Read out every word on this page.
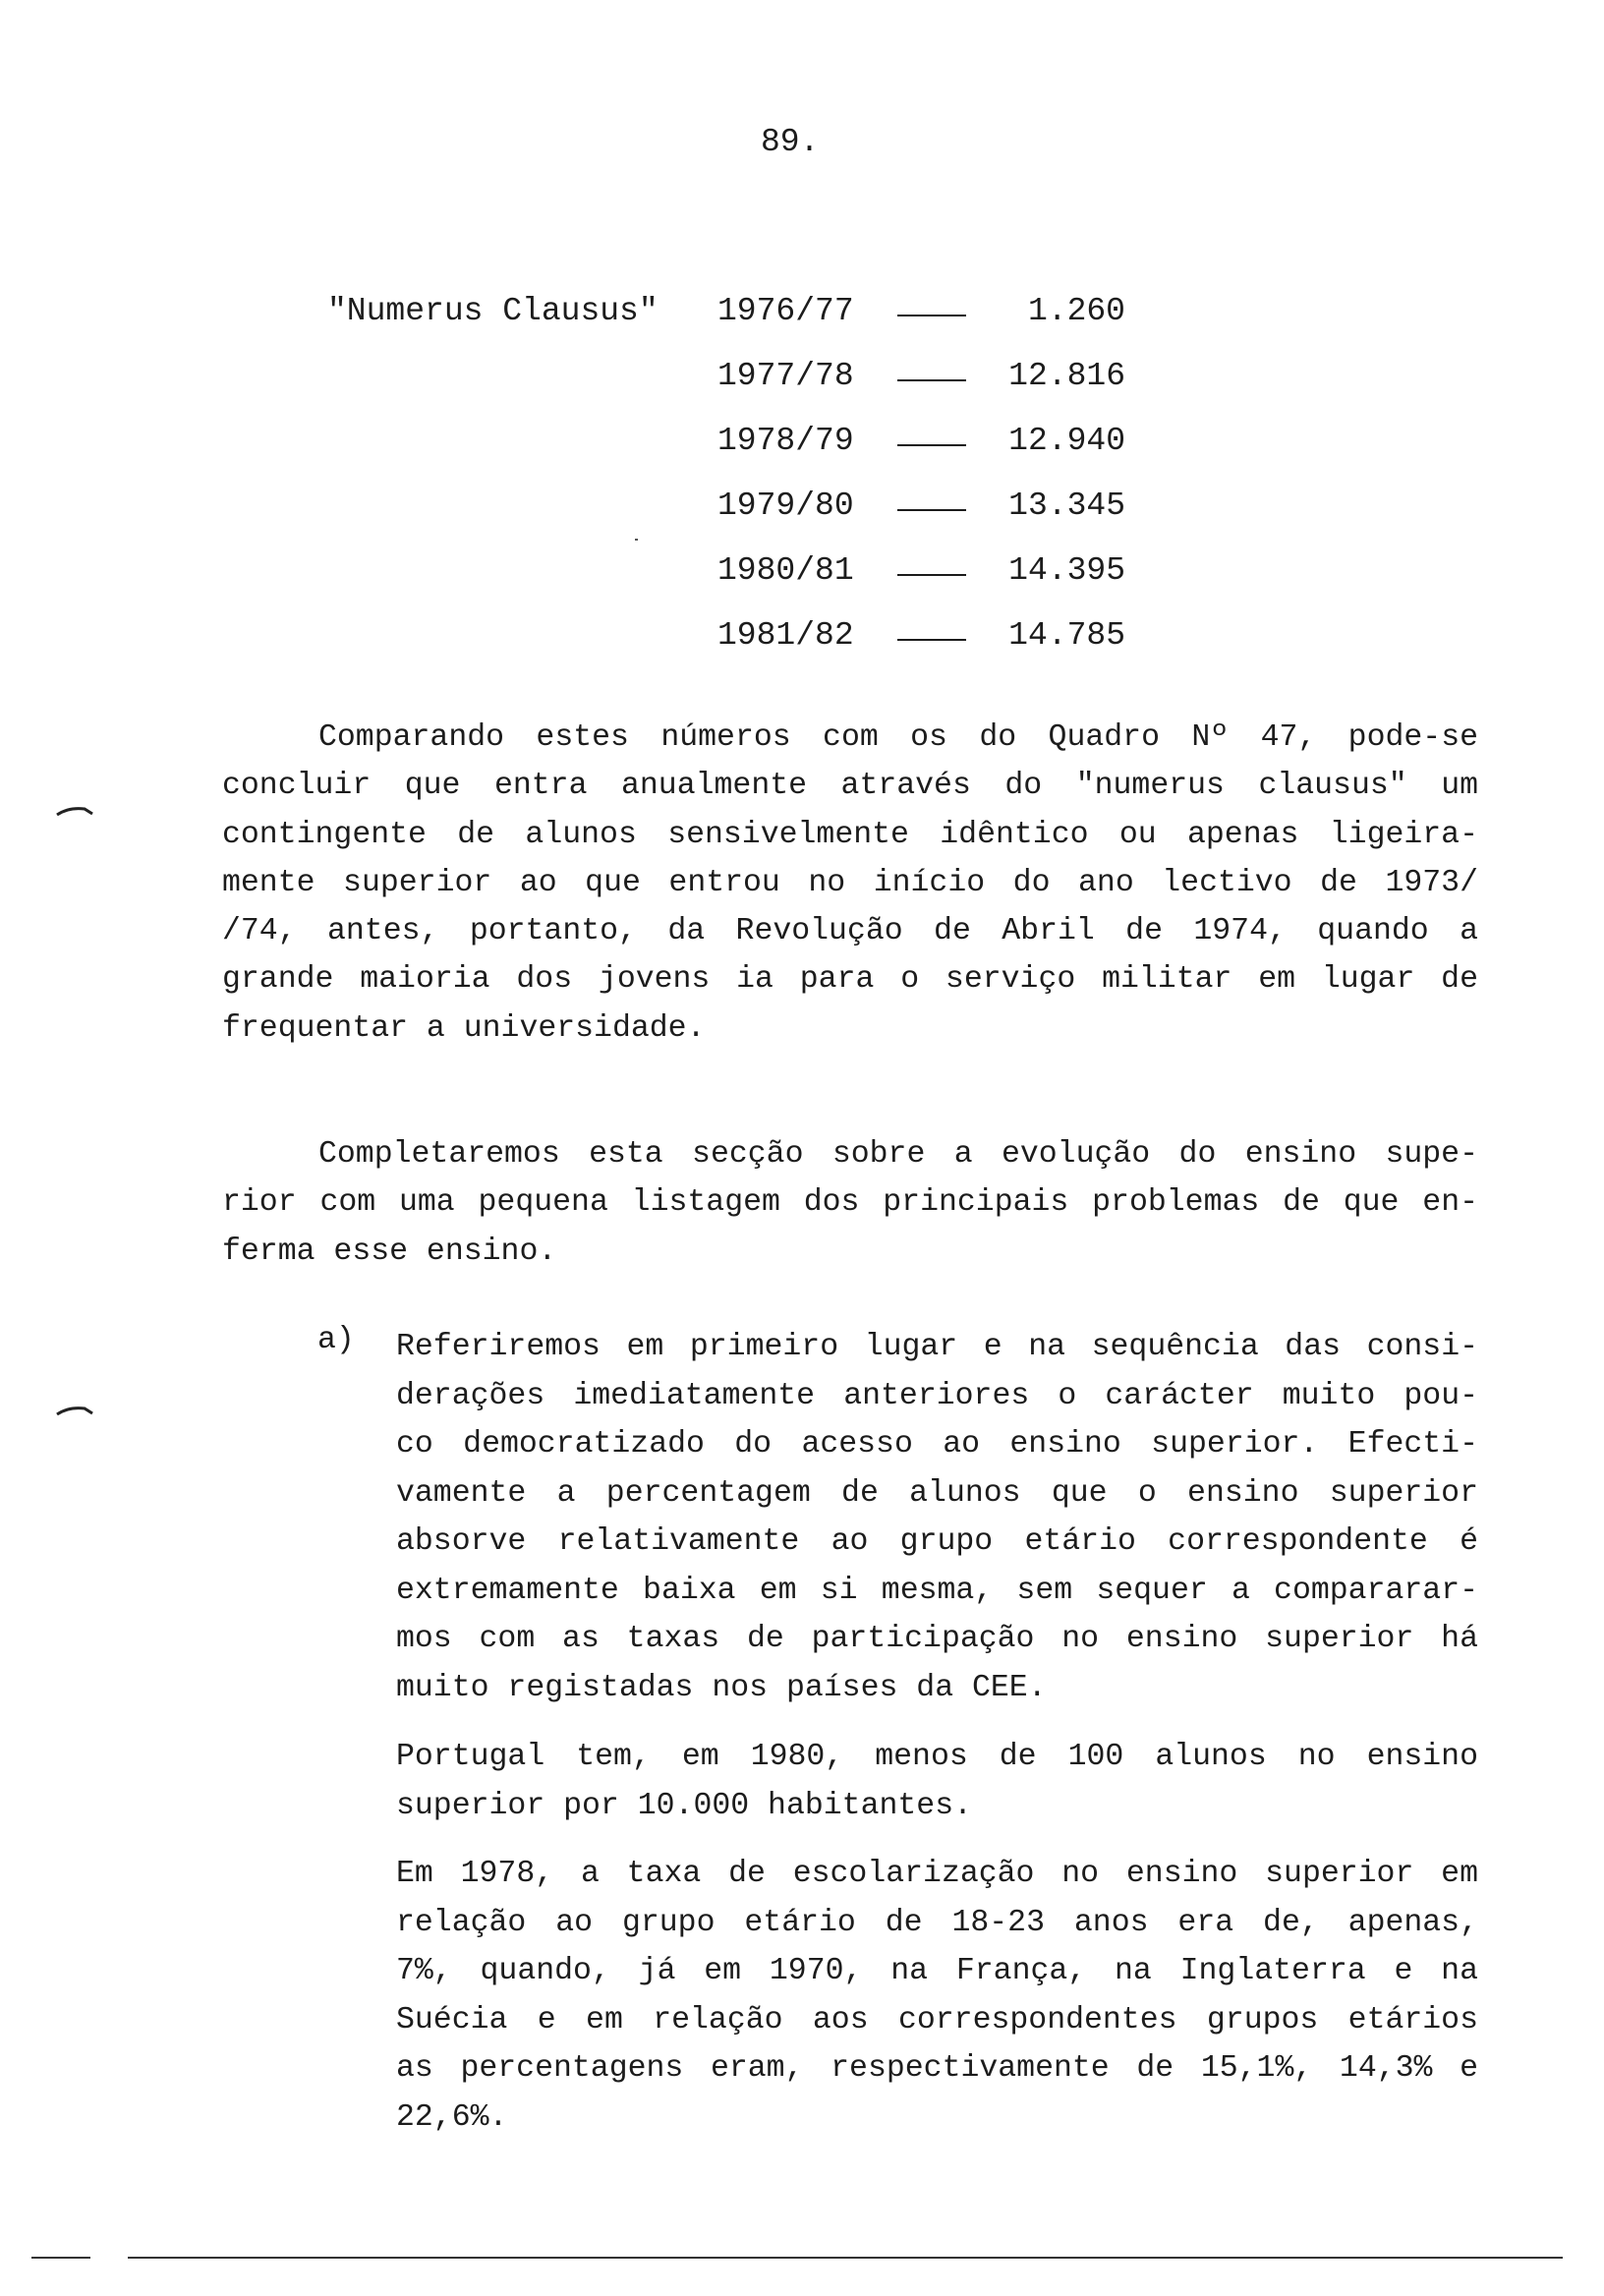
89.
"Numerus Clausus" 1976/77	1.260
1977/78	12.816
1978/79	12.940
1979/80	13.345
1980/81	14.395
1981/82	14.785
Comparando estes números com os do Quadro Nº 47, pode-se
concluir que entra anualmente através do "numerus clausus" um
contingente de alunos sensivelmente idêntico ou apenas ligeira-
mente superior ao que entrou no início do ano lectivo de 1973/
/74, antes, portanto, da Revolução de Abril de 1974, quando a
grande maioria dos jovens ia para o serviço militar em lugar de
frequentar a universidade.
Completaremos esta secção sobre a evolução do ensino supe-
rior com uma pequena listagem dos principais problemas de que en-
ferma esse ensino.
a) Referiremos em primeiro lugar e na sequência das consi-
derações imediatamente anteriores o carácter muito pou-
co democratizado do acesso ao ensino superior. Efecti-
vamente a percentagem de alunos que o ensino superior
absorve relativamente ao grupo etário correspondente é
extremamente baixa em si mesma, sem sequer a compararar-
mos com as taxas de participação no ensino superior há
muito registadas nos países da CEE.
Portugal tem, em 1980, menos de 100 alunos no ensino
superior por 10.000 habitantes.
Em 1978, a taxa de escolarização no ensino superior em
relação ao grupo etário de 18-23 anos era de, apenas,
7%, quando, já em 1970, na França, na Inglaterra e na
Suécia e em relação aos correspondentes grupos etários
as percentagens eram, respectivamente de 15,1%, 14,3% e
22,6%.
